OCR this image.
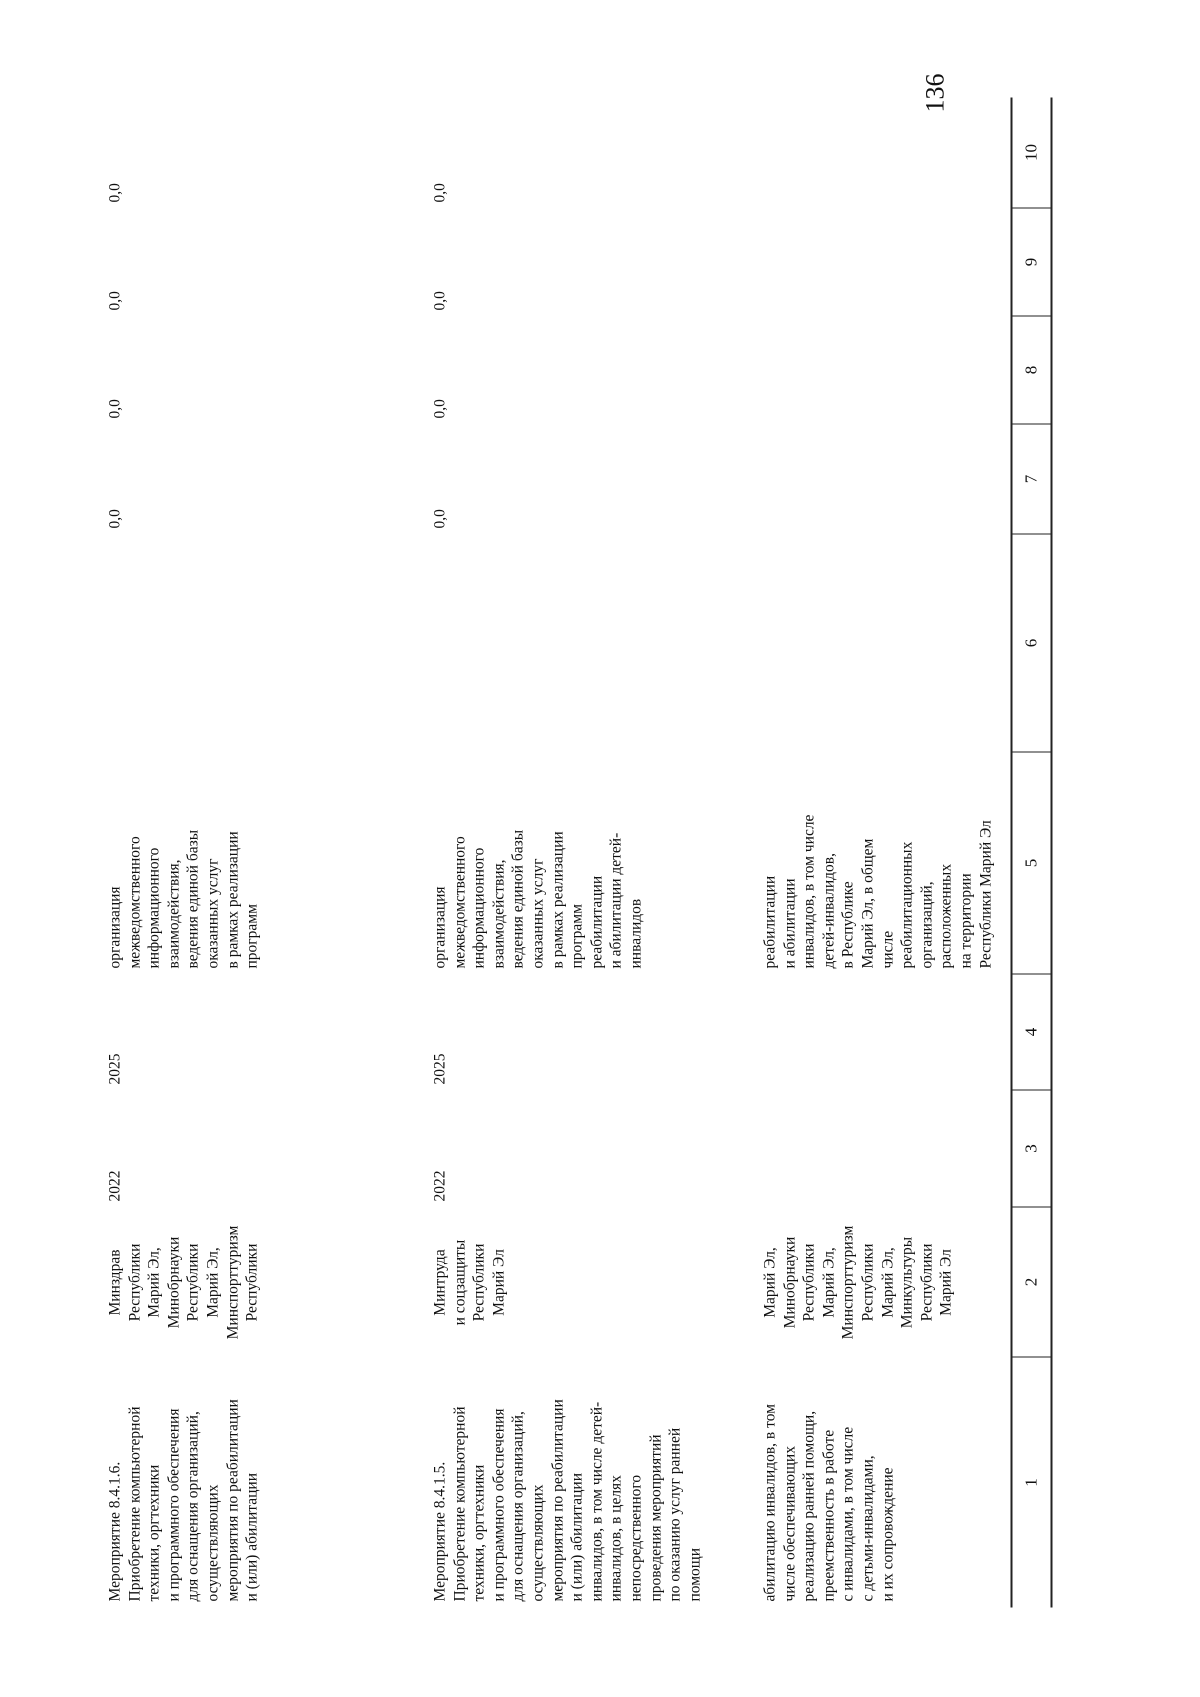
136
1
2
3
4
5
6
7
8
9
10
абилитацию инвалидов, в том числе обеспечивающих реализацию ранней помощи, преемственность в работе с инвалидами, в том числе с детьми-инвалидами, и их сопровождение
Марий Эл, Минобрнауки Республики Марий Эл, Минспорттуризм Республики Марий Эл, Минкультуры Республики Марий Эл
реабилитации и абилитации инвалидов, в том числе детей-инвалидов, в Республике Марий Эл, в общем числе реабилитационных организаций, расположенных на территории Республики Марий Эл
Мероприятие 8.4.1.5. Приобретение компьютерной техники, оргтехники и программного обеспечения для оснащения организаций, осуществляющих мероприятия по реабилитации и (или) абилитации инвалидов, в том числе детей- инвалидов, в целях непосредственного проведения мероприятий по оказанию услуг ранней помощи
Минтруда и соцзащиты Республики Марий Эл
2022
2025
организация межведомственного информационного взаимодействия, ведения единой базы оказанных услуг в рамках реализации программ реабилитации и абилитации детей- инвалидов
0,0
0,0
0,0
0,0
Мероприятие 8.4.1.6. Приобретение компьютерной техники, оргтехники и программного обеспечения для оснащения организаций, осуществляющих мероприятия по реабилитации и (или) абилитации
Минздрав Республики Марий Эл, Минобрнауки Республики Марий Эл, Минспорттуризм Республики
2022
2025
организация межведомственного информационного взаимодействия, ведения единой базы оказанных услуг в рамках реализации программ
0,0
0,0
0,0
0,0
